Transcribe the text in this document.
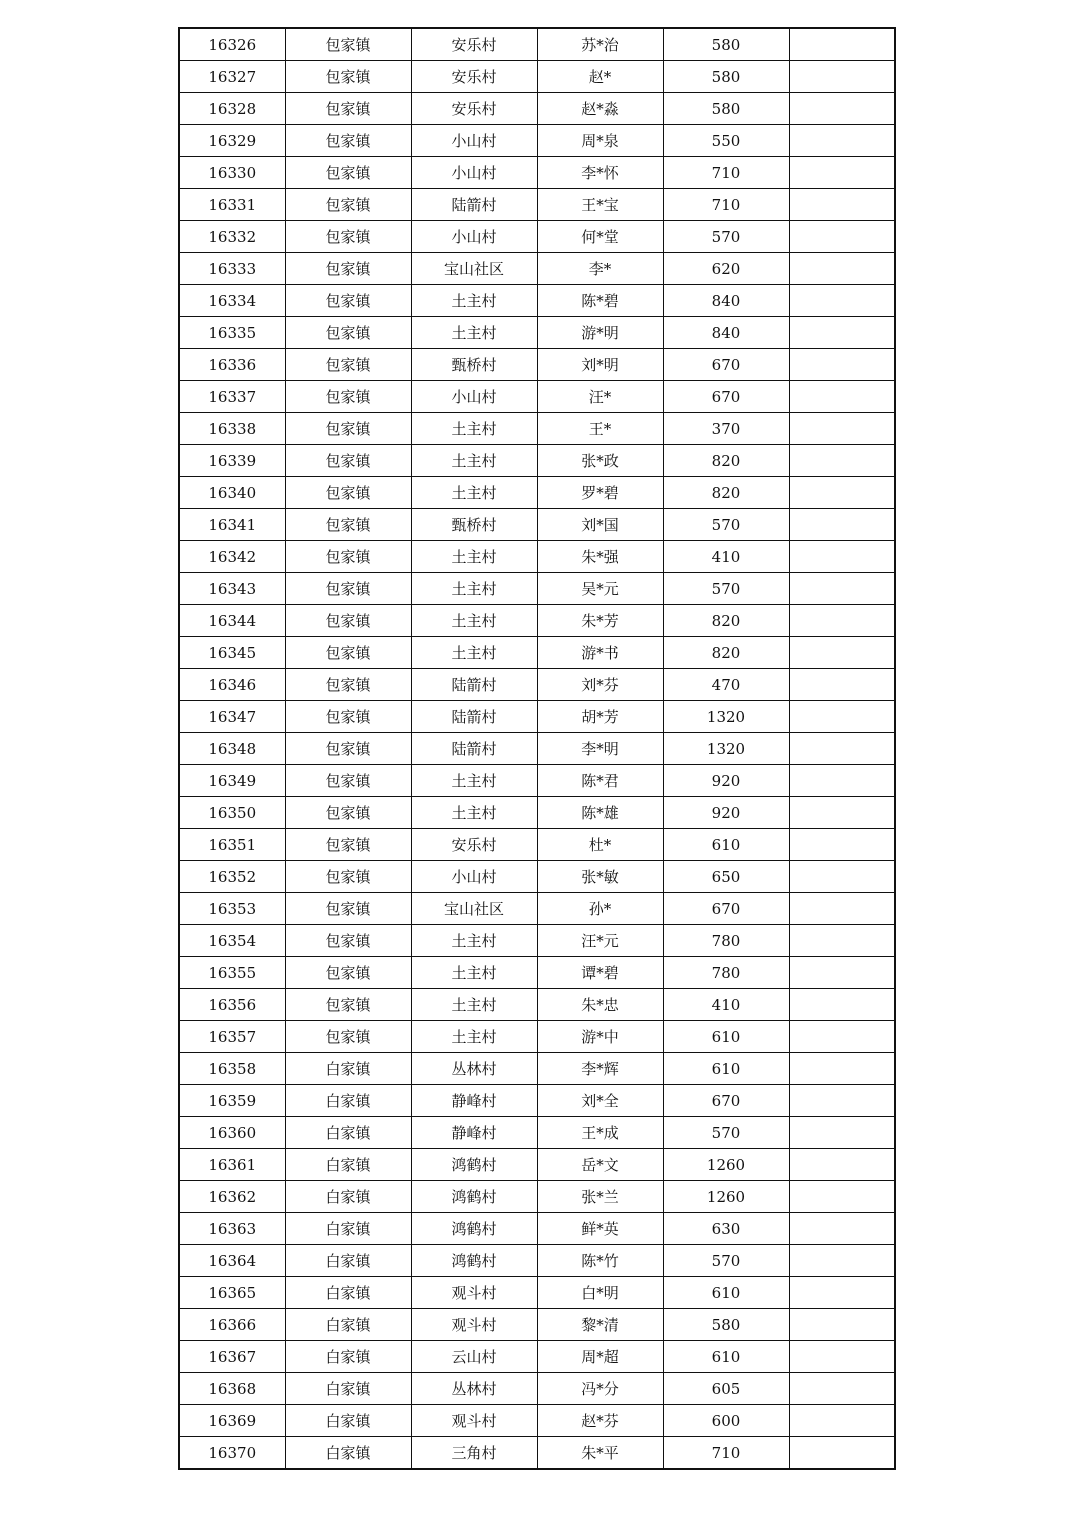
16326	包家镇	安乐村	苏*治	580	
16327	包家镇	安乐村	赵*	580	
16328	包家镇	安乐村	赵*淼	580	
16329	包家镇	小山村	周*泉	550	
16330	包家镇	小山村	李*怀	710	
16331	包家镇	陆箭村	王*宝	710	
16332	包家镇	小山村	何*堂	570	
16333	包家镇	宝山社区	李*	620	
16334	包家镇	土主村	陈*碧	840	
16335	包家镇	土主村	游*明	840	
16336	包家镇	甄桥村	刘*明	670	
16337	包家镇	小山村	汪*	670	
16338	包家镇	土主村	王*	370	
16339	包家镇	土主村	张*政	820	
16340	包家镇	土主村	罗*碧	820	
16341	包家镇	甄桥村	刘*国	570	
16342	包家镇	土主村	朱*强	410	
16343	包家镇	土主村	吴*元	570	
16344	包家镇	土主村	朱*芳	820	
16345	包家镇	土主村	游*书	820	
16346	包家镇	陆箭村	刘*芬	470	
16347	包家镇	陆箭村	胡*芳	1320	
16348	包家镇	陆箭村	李*明	1320	
16349	包家镇	土主村	陈*君	920	
16350	包家镇	土主村	陈*雄	920	
16351	包家镇	安乐村	杜*	610	
16352	包家镇	小山村	张*敏	650	
16353	包家镇	宝山社区	孙*	670	
16354	包家镇	土主村	汪*元	780	
16355	包家镇	土主村	谭*碧	780	
16356	包家镇	土主村	朱*忠	410	
16357	包家镇	土主村	游*中	610	
16358	白家镇	丛林村	李*辉	610	
16359	白家镇	静峰村	刘*全	670	
16360	白家镇	静峰村	王*成	570	
16361	白家镇	鸿鹤村	岳*文	1260	
16362	白家镇	鸿鹤村	张*兰	1260	
16363	白家镇	鸿鹤村	鲜*英	630	
16364	白家镇	鸿鹤村	陈*竹	570	
16365	白家镇	观斗村	白*明	610	
16366	白家镇	观斗村	黎*清	580	
16367	白家镇	云山村	周*超	610	
16368	白家镇	丛林村	冯*分	605	
16369	白家镇	观斗村	赵*芬	600	
16370	白家镇	三角村	朱*平	710	
